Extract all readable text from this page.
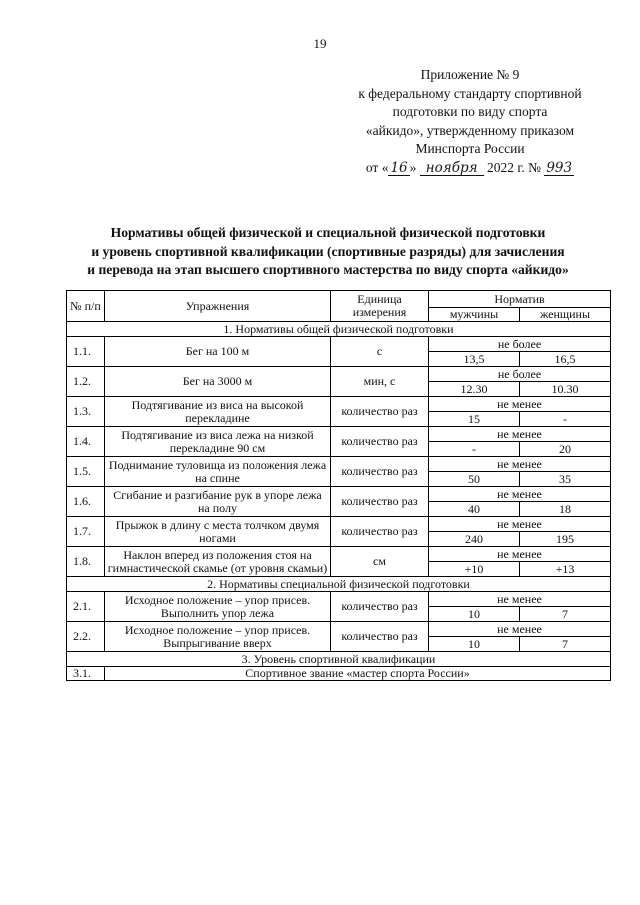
19
Приложение № 9
к федеральному стандарту спортивной
подготовки по виду спорта
«айкидо», утвержденному приказом
Минспорта России
от « 16 » ноября 2022 г. № 993
Нормативы общей физической и специальной физической подготовки
и уровень спортивной квалификации (спортивные разряды) для зачисления
и перевода на этап высшего спортивного мастерства по виду спорта «айкидо»
№ п/п	Упражнения	Единица измерения	Норматив	
			мужчины	женщины
1. Нормативы общей физической подготовки				
1.1.	Бег на 100 м	с	не более	
			13,5	16,5
1.2.	Бег на 3000 м	мин, с	не более	
			12.30	10.30
1.3.	Подтягивание из виса на высокой перекладине	количество раз	не менее	
			15	-
1.4.	Подтягивание из виса лежа на низкой перекладине 90 см	количество раз	не менее	
			-	20
1.5.	Поднимание туловища из положения лежа на спине	количество раз	не менее	
			50	35
1.6.	Сгибание и разгибание рук в упоре лежа на полу	количество раз	не менее	
			40	18
1.7.	Прыжок в длину с места толчком двумя ногами	количество раз	не менее	
			240	195
1.8.	Наклон вперед из положения стоя на гимнастической скамье (от уровня скамьи)	см	не менее	
			+10	+13
2. Нормативы специальной физической подготовки				
2.1.	Исходное положение – упор присев. Выполнить упор лежа	количество раз	не менее	
			10	7
2.2.	Исходное положение – упор присев. Выпрыгивание вверх	количество раз	не менее	
			10	7
3. Уровень спортивной квалификации				
3.1.	Спортивное звание «мастер спорта России»			
